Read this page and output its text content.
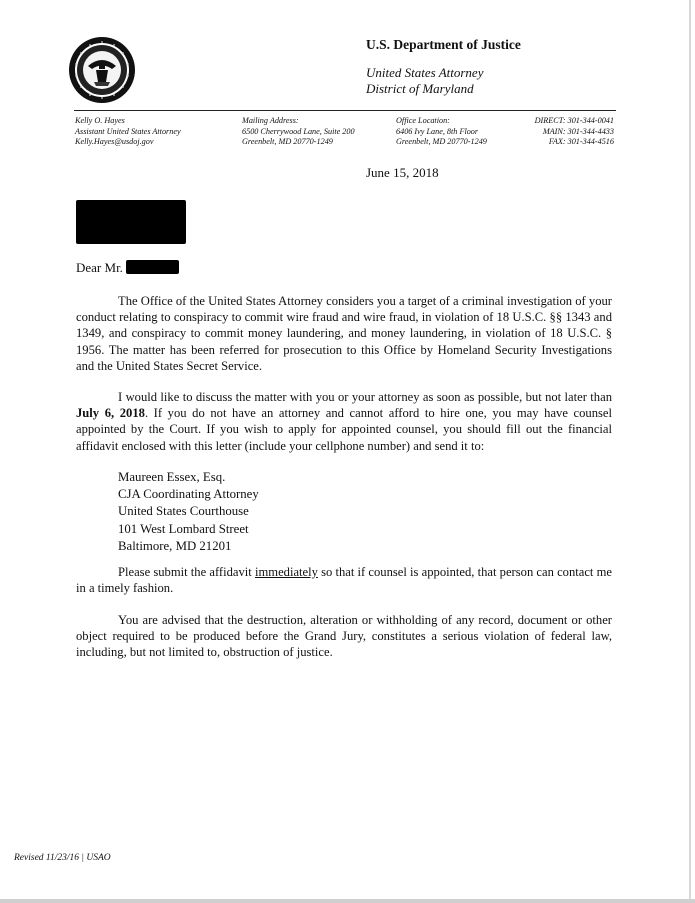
U.S. Department of Justice
United States Attorney
District of Maryland
Kelly O. Hayes
Assistant United States Attorney
Kelly.Hayes@usdoj.gov
Mailing Address:
6500 Cherrywood Lane, Suite 200
Greenbelt, MD 20770-1249
Office Location:
6406 Ivy Lane, 8th Floor
Greenbelt, MD 20770-1249
DIRECT: 301-344-0041
MAIN: 301-344-4433
FAX: 301-344-4516
June 15, 2018
Dear Mr.
The Office of the United States Attorney considers you a target of a criminal investigation of your conduct relating to conspiracy to commit wire fraud and wire fraud, in violation of 18 U.S.C. §§ 1343 and 1349, and conspiracy to commit money laundering, and money laundering, in violation of 18 U.S.C. § 1956. The matter has been referred for prosecution to this Office by Homeland Security Investigations and the United States Secret Service.
I would like to discuss the matter with you or your attorney as soon as possible, but not later than July 6, 2018. If you do not have an attorney and cannot afford to hire one, you may have counsel appointed by the Court. If you wish to apply for appointed counsel, you should fill out the financial affidavit enclosed with this letter (include your cellphone number) and send it to:
Maureen Essex, Esq.
CJA Coordinating Attorney
United States Courthouse
101 West Lombard Street
Baltimore, MD 21201
Please submit the affidavit immediately so that if counsel is appointed, that person can contact me in a timely fashion.
You are advised that the destruction, alteration or withholding of any record, document or other object required to be produced before the Grand Jury, constitutes a serious violation of federal law, including, but not limited to, obstruction of justice.
Revised 11/23/16 | USAO
